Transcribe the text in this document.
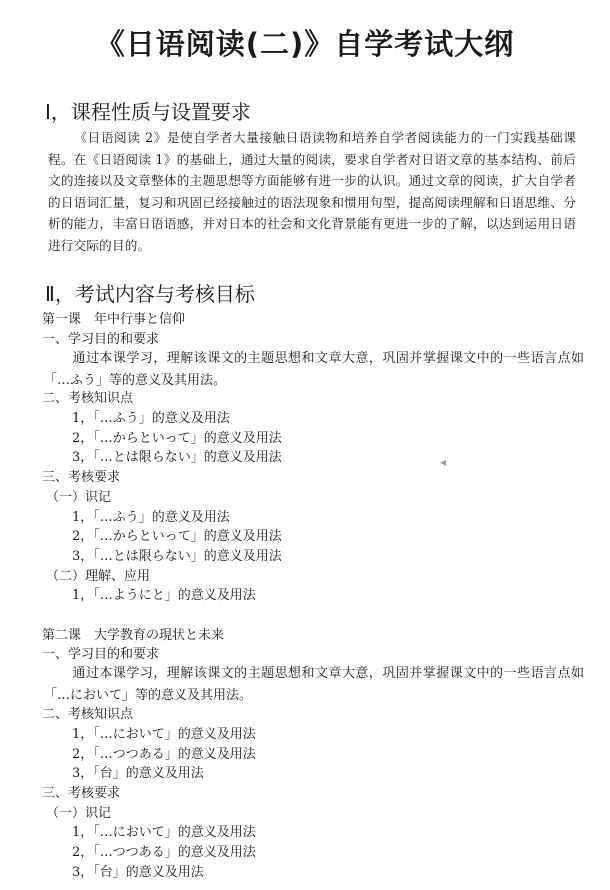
《日语阅读(二)》自学考试大纲
Ⅰ，课程性质与设置要求
《日语阅读 2》是使自学者大量接触日语读物和培养自学者阅读能力的一门实践基础课程。在《日语阅读 1》的基础上，通过大量的阅读，要求自学者对日语文章的基本结构、前后文的连接以及文章整体的主题思想等方面能够有进一步的认识。通过文章的阅读，扩大自学者的日语词汇量，复习和巩固已经接触过的语法现象和惯用句型，提高阅读理解和日语思维、分析的能力，丰富日语语感，并对日本的社会和文化背景能有更进一步的了解，以达到运用日语进行交际的目的。
Ⅱ，考试内容与考核目标
第一课　年中行事と信仰
一、学习目的和要求
通过本课学习，理解该课文的主题思想和文章大意，巩固并掌握课文中的一些语言点如「…ふう」等的意义及其用法。
二、考核知识点
1，「…ふう」的意义及用法
2，「…からといって」的意义及用法
3，「…とは限らない」的意义及用法
三、考核要求
（一）识记
1，「…ふう」的意义及用法
2，「…からといって」的意义及用法
3，「…とは限らない」的意义及用法
（二）理解、应用
1，「…ようにと」的意义及用法
第二课　大学教育の現状と未来
一、学习目的和要求
通过本课学习，理解该课文的主题思想和文章大意，巩固并掌握课文中的一些语言点如「…において」等的意义及其用法。
二、考核知识点
1，「…において」的意义及用法
2，「…つつある」的意义及用法
3，「台」的意义及用法
三、考核要求
（一）识记
1，「…において」的意义及用法
2，「…つつある」的意义及用法
3，「台」的意义及用法
◂
